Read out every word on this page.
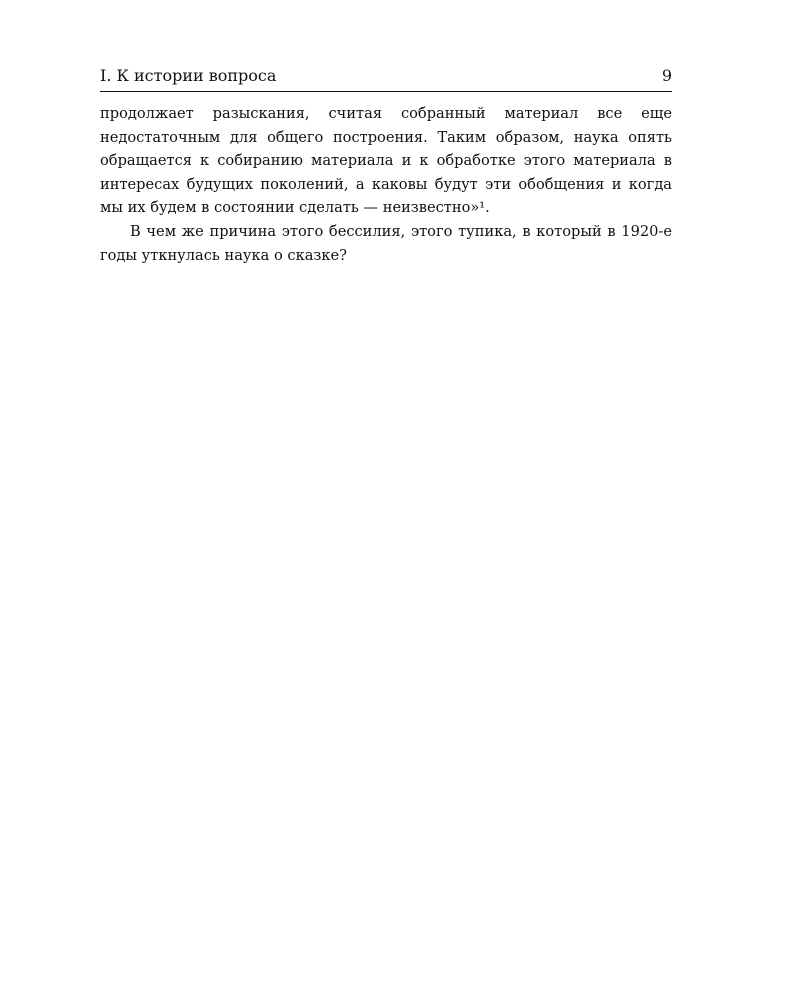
I. К истории вопроса	9

продолжает разыскания, считая собранный материал все еще недостаточным для общего построения. Таким образом, наука опять обращается к собиранию материала и к обработке этого материала в интересах будущих поколений, а каковы будут эти обобщения и когда мы их будем в состоянии сделать — неизвестно»¹.

В чем же причина этого бессилия, этого тупика, в который в 1920-е годы уткнулась наука о сказке?
